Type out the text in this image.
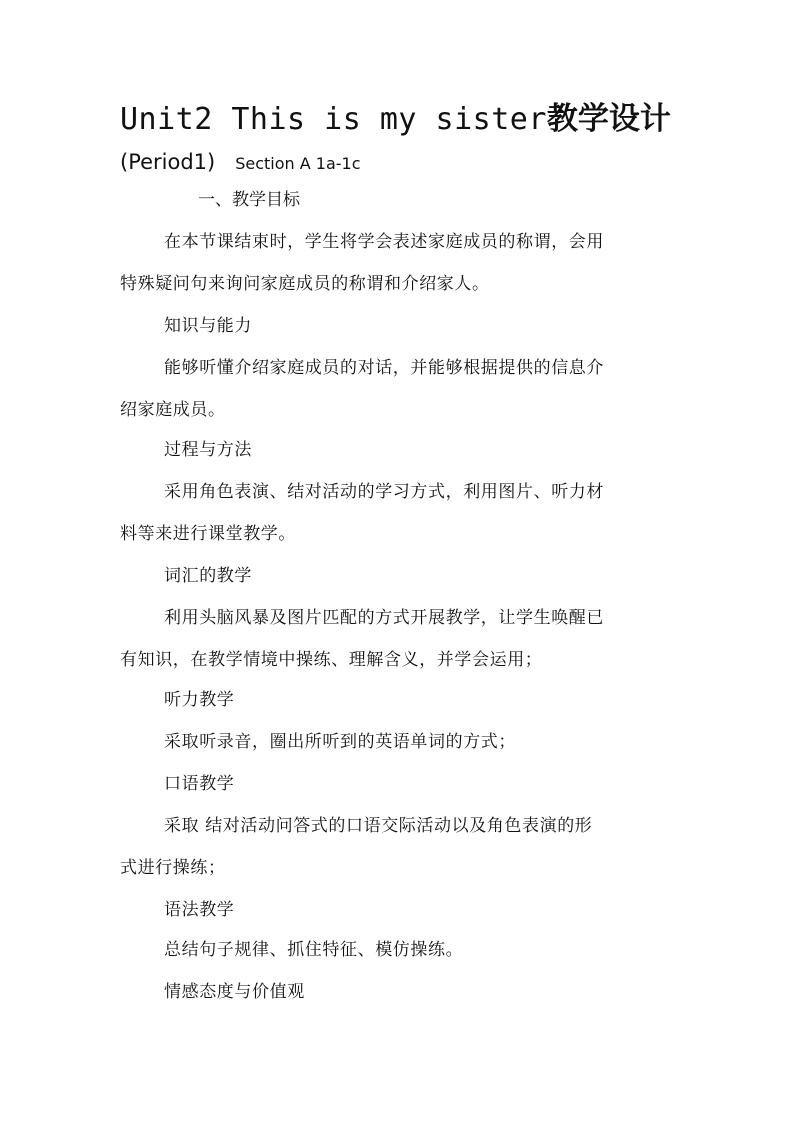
Unit2 This is my sister教学设计
(Period1) Section A 1a-1c
一、教学目标

在本节课结束时，学生将学会表述家庭成员的称谓，会用

特殊疑问句来询问家庭成员的称谓和介绍家人。

知识与能力

能够听懂介绍家庭成员的对话，并能够根据提供的信息介

绍家庭成员。

过程与方法

采用角色表演、结对活动的学习方式，利用图片、听力材

料等来进行课堂教学。

词汇的教学

利用头脑风暴及图片匹配的方式开展教学，让学生唤醒已

有知识，在教学情境中操练、理解含义，并学会运用；

听力教学

采取听录音，圈出所听到的英语单词的方式；

口语教学

采取 结对活动问答式的口语交际活动以及角色表演的形

式进行操练；

语法教学

总结句子规律、抓住特征、模仿操练。

情感态度与价值观
